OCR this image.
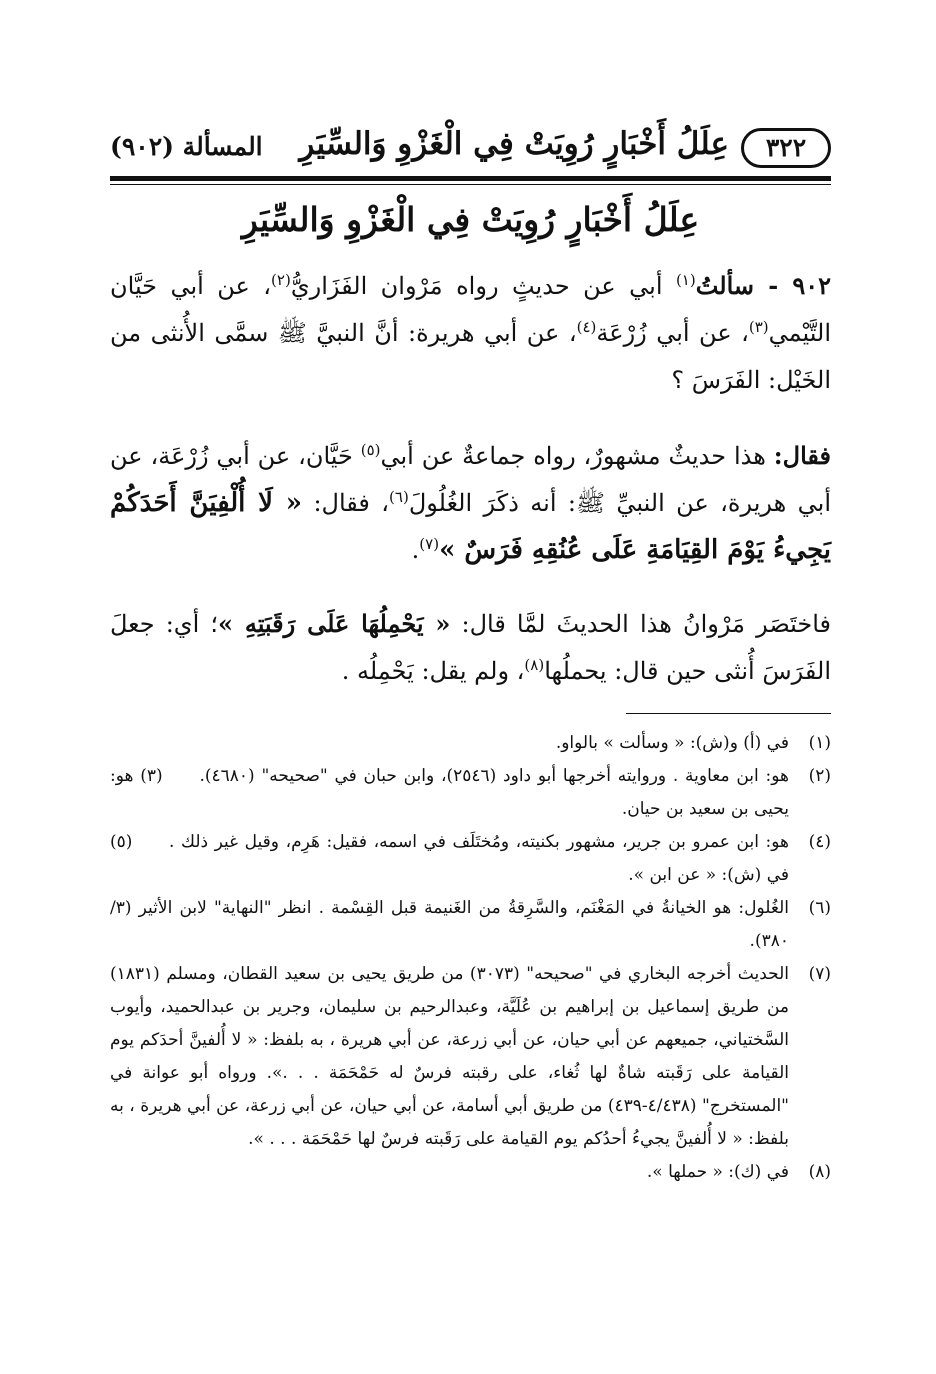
٣٢٢
عِلَلُ أَخْبَارٍ رُوِيَتْ فِي الْغَزْوِ وَالسِّيَرِ
المسألة (٩٠٢)
عِلَلُ أَخْبَارٍ رُوِيَتْ فِي الْغَزْوِ وَالسِّيَرِ
٩٠٢ - سألتُ$^{(١)}$ أبي عن حديثٍ رواه مَرْوان الفَزَاريُّ$^{(٢)}$، عن أبي حَيَّان التَّيْمي$^{(٣)}$، عن أبي زُرْعَة$^{(٤)}$، عن أبي هريرة: أنَّ النبيَّ ﷺ سمَّى الأُنثى من الخَيْل: الفَرَسَ ؟
فقال: هذا حديثٌ مشهورٌ، رواه جماعةٌ عن أبي$^{(٥)}$ حَيَّان، عن أبي زُرْعَة، عن أبي هريرة، عن النبيِّ ﷺ: أنه ذكَرَ الغُلُولَ$^{(٦)}$، فقال: « لَا أُلْفِيَنَّ أَحَدَكُمْ يَجِيءُ يَوْمَ القِيَامَةِ عَلَى عُنُقِهِ فَرَسٌ »$^{(٧)}$.
فاختَصَر مَرْوانُ هذا الحديثَ لمَّا قال: « يَحْمِلُهَا عَلَى رَقَبَتِهِ »؛ أي: جعلَ الفَرَسَ أُنثى حين قال: يحملُها$^{(٨)}$، ولم يقل: يَحْمِلُه .
(١)
في (أ) و(ش): « وسألت » بالواو.
(٢)
هو: ابن معاوية . وروايته أخرجها أبو داود (٢٥٤٦)، وابن حبان في "صحيحه" (٤٦٨٠). (٣) هو: يحيى بن سعيد بن حيان.
(٤)
هو: ابن عمرو بن جرير، مشهور بكنيته، ومُختَلَف في اسمه، فقيل: هَرِم، وقيل غير ذلك . (٥) في (ش): « عن ابن ».
(٦)
الغُلول: هو الخيانةُ في المَغْنَم، والسَّرِقةُ من الغَنيمة قبل القِسْمة . انظر "النهاية" لابن الأثير (٣/ ٣٨٠).
(٧)
الحديث أخرجه البخاري في "صحيحه" (٣٠٧٣) من طريق يحيى بن سعيد القطان، ومسلم (١٨٣١) من طريق إسماعيل بن إبراهيم بن عُلَيَّة، وعبدالرحيم بن سليمان، وجرير بن عبدالحميد، وأيوب السَّختياني، جميعهم عن أبي حيان، عن أبي زرعة، عن أبي هريرة ، به بلفظ: « لا أُلفينَّ أحدَكم يوم القيامة على رَقَبته شاةٌ لها ثُغاء، على رقبته فرسٌ له حَمْحَمَة . . .». ورواه أبو عوانة في "المستخرج" (٤/٤٣٨-٤٣٩) من طريق أبي أسامة، عن أبي حيان، عن أبي زرعة، عن أبي هريرة ، به بلفظ: « لا أُلفينَّ يجيءُ أحدُكم يوم القيامة على رَقَبته فرسٌ لها حَمْحَمَة . . . ».
(٨)
في (ك): « حملها ».
